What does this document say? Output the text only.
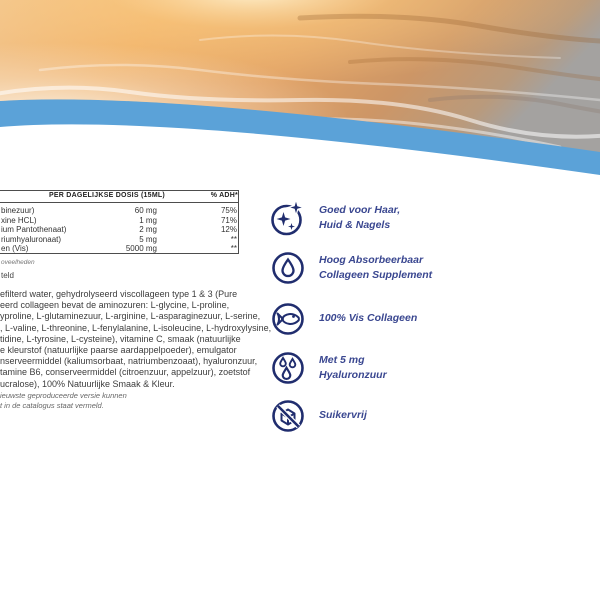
PER DAGELIJKSE DOSIS (15ML)	% ADH*
binezuur)	60 mg	75%
xine HCL)	1 mg	71%
ium Pantothenaat)	2 mg	12%
riumhyaluronaat)	5 mg	**
en (Vis)	5000 mg	**
oveelheden
teld
efilterd water, gehydrolyseerd viscollageen type 1 & 3 (Pure
eerd collageen bevat de aminozuren: L-glycine, L-proline,
yproline, L-glutaminezuur, L-arginine, L-asparaginezuur, L-serine,
, L-valine, L-threonine, L-fenylalanine, L-isoleucine, L-hydroxylysine,
tidine, L-tyrosine, L-cysteine), vitamine C, smaak (natuurlijke
e kleurstof (natuurlijke paarse aardappelpoeder), emulgator
nserveermiddel (kaliumsorbaat, natriumbenzoaat), hyaluronzuur,
tamine B6, conserveermiddel (citroenzuur, appelzuur), zoetstof
ucralose), 100% Natuurlijke Smaak & Kleur.
ieuwste geproduceerde versie kunnen
t in de catalogus staat vermeld.
Goed voor Haar,
Huid & Nagels
Hoog Absorbeerbaar
Collageen Supplement
100% Vis Collageen
Met 5 mg
Hyaluronzuur
Suikervrij
